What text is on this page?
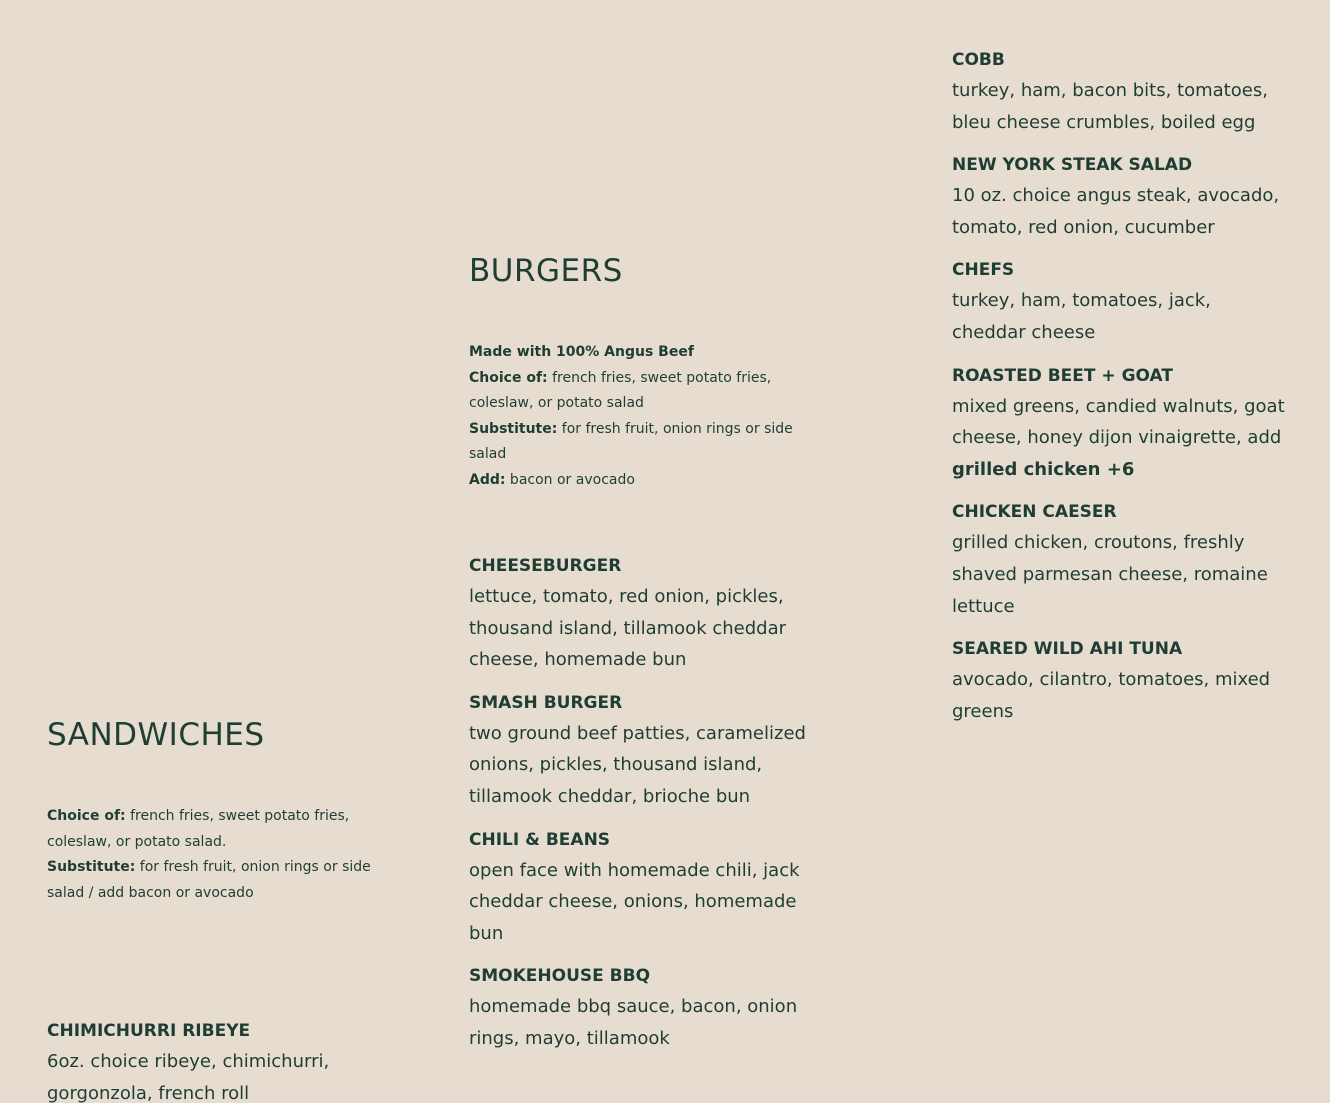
SANDWICHES

Choice of: french fries, sweet potato fries, coleslaw, or potato salad.

Substitute: for fresh fruit, onion rings or side salad / add bacon or avocado

CHIMICHURRI RIBEYE

6oz. choice ribeye, chimichurri, gorgonzola, french roll

BURGERS

Made with 100% Angus Beef

Choice of: french fries, sweet potato fries, coleslaw, or potato salad

Substitute: for fresh fruit, onion rings or side salad

Add: bacon or avocado

CHEESEBURGER

lettuce, tomato, red onion, pickles, thousand island, tillamook cheddar cheese, homemade bun

SMASH BURGER

two ground beef patties, caramelized onions, pickles, thousand island, tillamook cheddar, brioche bun

CHILI & BEANS

open face with homemade chili, jack cheddar cheese, onions, homemade bun

SMOKEHOUSE BBQ

homemade bbq sauce, bacon, onion rings, mayo, tillamook

COBB

turkey, ham, bacon bits, tomatoes, bleu cheese crumbles, boiled egg

NEW YORK STEAK SALAD

10 oz. choice angus steak, avocado, tomato, red onion, cucumber

CHEFS

turkey, ham, tomatoes, jack, cheddar cheese

ROASTED BEET + GOAT

mixed greens, candied walnuts, goat cheese, honey dijon vinaigrette, add grilled chicken +6

CHICKEN CAESER

grilled chicken, croutons, freshly shaved parmesan cheese, romaine lettuce

SEARED WILD AHI TUNA

avocado, cilantro, tomatoes, mixed greens
